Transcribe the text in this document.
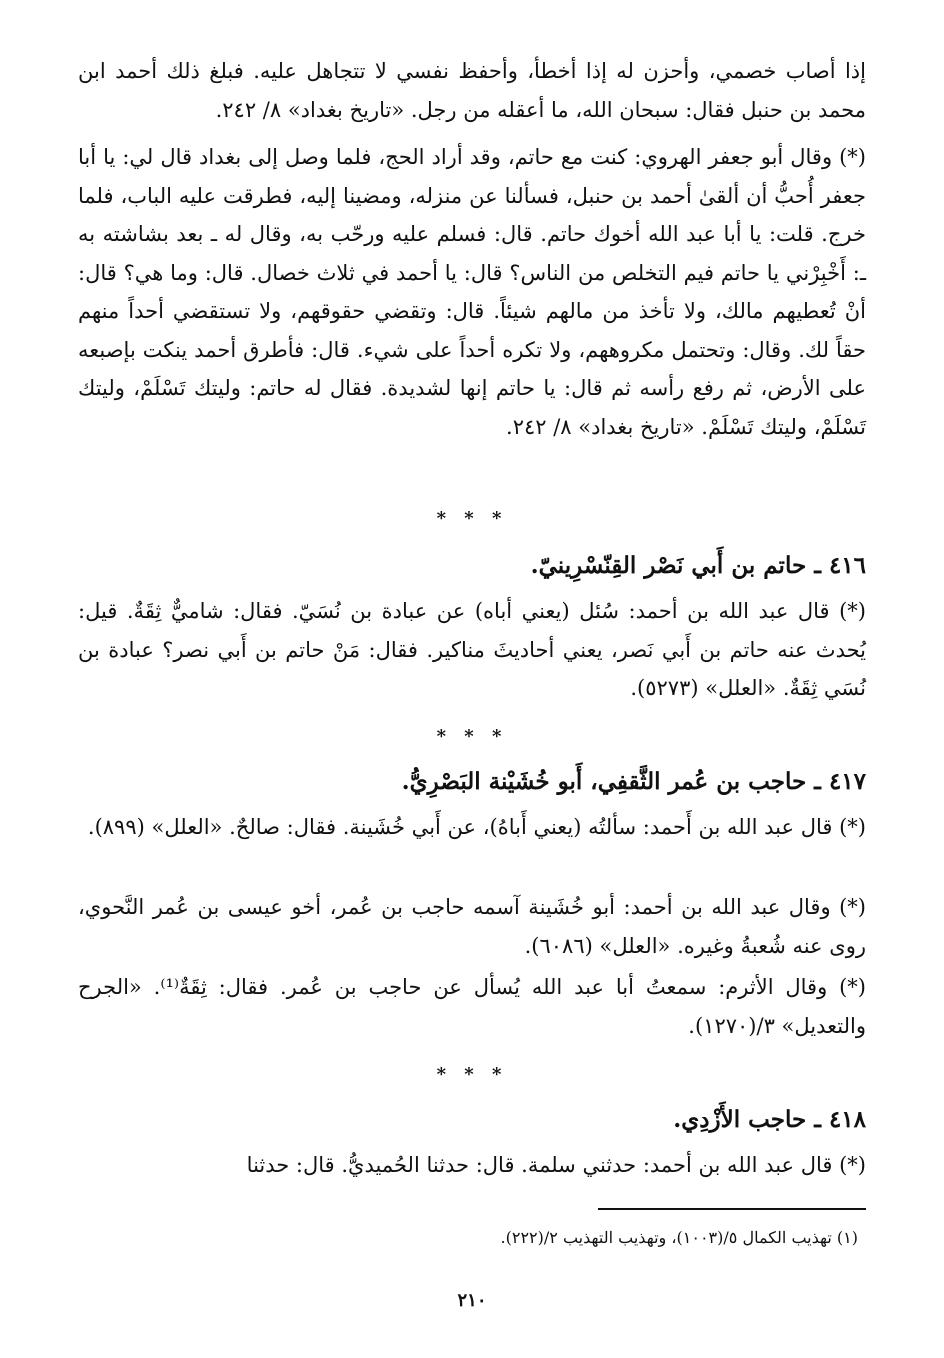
إذا أصاب خصمي، وأحزن له إذا أخطأ، وأحفظ نفسي لا تتجاهل عليه. فبلغ ذلك أحمد ابن محمد بن حنبل فقال: سبحان الله، ما أعقله من رجل. «تاريخ بغداد» ٨/ ٢٤٢.
(*) وقال أبو جعفر الهروي: كنت مع حاتم، وقد أراد الحج، فلما وصل إلى بغداد قال لي: يا أبا جعفر أُحبُّ أن ألقىٰ أحمد بن حنبل، فسألنا عن منزله، ومضينا إليه، فطرقت عليه الباب، فلما خرج. قلت: يا أبا عبد الله أخوك حاتم. قال: فسلم عليه ورحّب به، وقال له ـ بعد بشاشته به ـ: أَخْبِرْني يا حاتم فيم التخلص من الناس؟ قال: يا أحمد في ثلاث خصال. قال: وما هي؟ قال: أنْ تُعطيهم مالك، ولا تأخذ من مالهم شيئاً. قال: وتقضي حقوقهم، ولا تستقضي أحداً منهم حقاً لك. وقال: وتحتمل مكروههم، ولا تكره أحداً على شيء. قال: فأطرق أحمد ينكت بإصبعه على الأرض، ثم رفع رأسه ثم قال: يا حاتم إنها لشديدة. فقال له حاتم: وليتك تَسْلَمْ، وليتك تَسْلَمْ، وليتك تَسْلَمْ. «تاريخ بغداد» ٨/ ٢٤٢.
* * *
٤١٦ ـ حاتم بن أَبي نَصْر القِنّسْرِينيّ.
(*) قال عبد الله بن أحمد: سُئل (يعني أباه) عن عبادة بن نُسَيّ. فقال: شاميٌّ ثِقَةٌ. قيل: يُحدث عنه حاتم بن أَبي نَصر، يعني أحاديثَ مناكير. فقال: مَنْ حاتم بن أَبي نصر؟ عبادة بن نُسَي ثِقَةٌ. «العلل» (٥٢٧٣).
* * *
٤١٧ ـ حاجب بن عُمر الثَّقفِي، أَبو خُشَيْنة البَصْرِيُّ.
(*) قال عبد الله بن أَحمد: سألتُه (يعني أَباهُ)، عن أَبي خُشَينة. فقال: صالحٌ. «العلل» (٨٩٩).
(*) وقال عبد الله بن أحمد: أبو خُشَينة آسمه حاجب بن عُمر، أخو عيسى بن عُمر النَّحوي، روى عنه شُعبةُ وغيره. «العلل» (٦٠٨٦).
(*) وقال الأثرم: سمعتُ أبا عبد الله يُسأل عن حاجب بن عُمر. فقال: ثِقَةٌ⁽¹⁾. «الجرح والتعديل» ٣/(١٢٧٠).
* * *
٤١٨ ـ حاجب الأَزْدِي.
(*) قال عبد الله بن أحمد: حدثني سلمة. قال: حدثنا الحُميديُّ. قال: حدثنا
(١) تهذيب الكمال ٥/(١٠٠٣)، وتهذيب التهذيب ٢/(٢٢٢).
٢١٠
